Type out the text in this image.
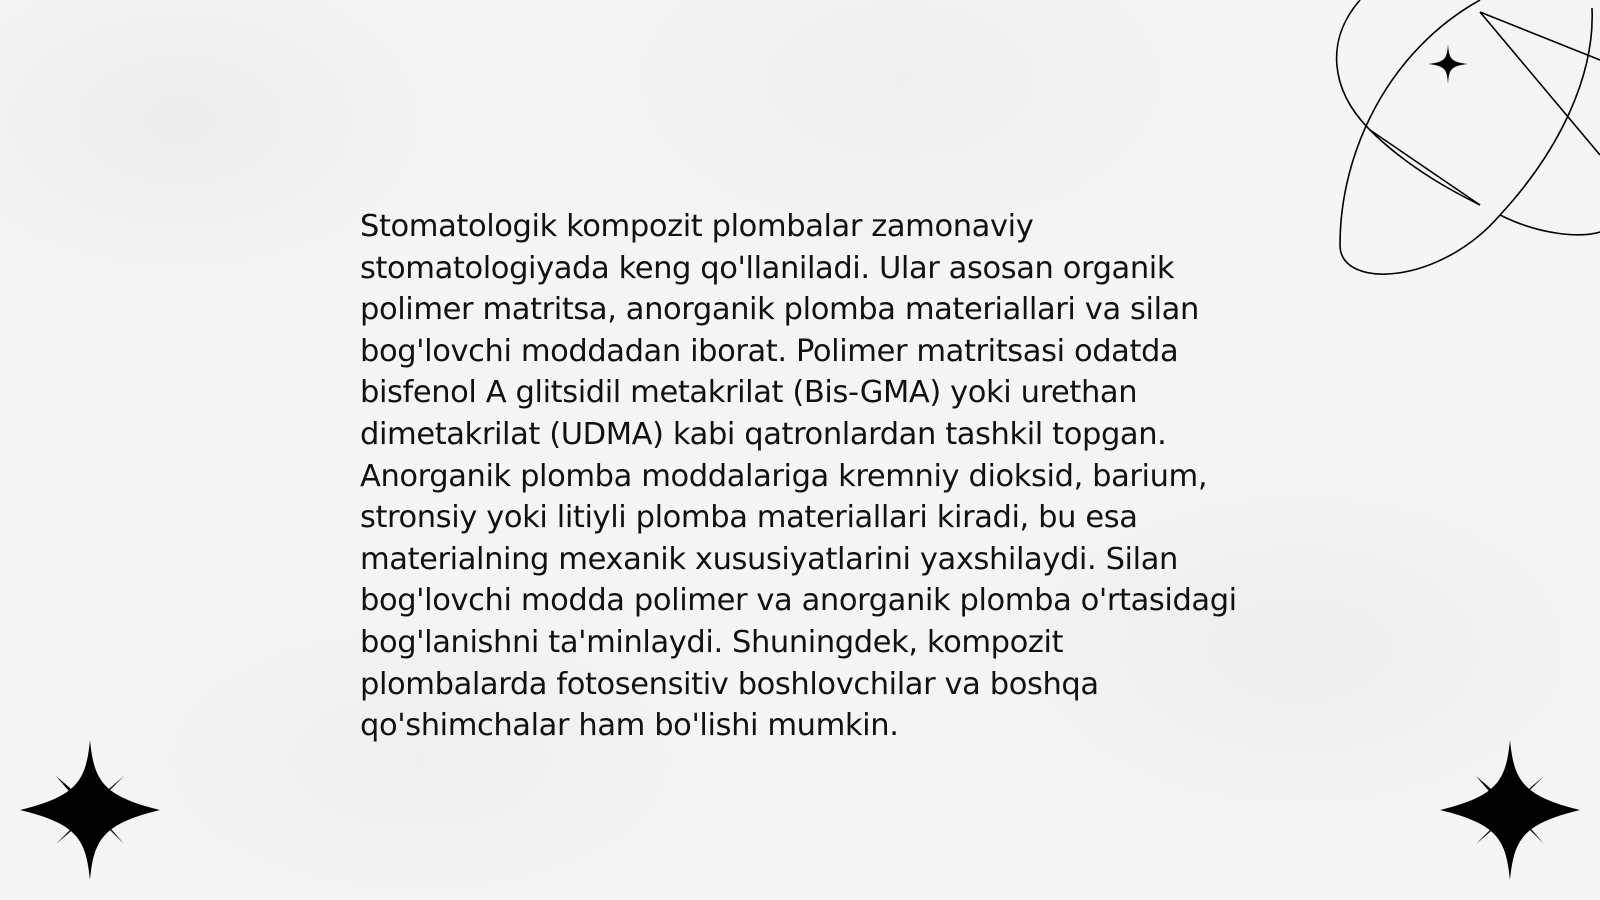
Stomatologik kompozit plombalar zamonaviy stomatologiyada keng qo'llaniladi. Ular asosan organik polimer matritsa, anorganik plomba materiallari va silan bog'lovchi moddadan iborat. Polimer matritsasi odatda bisfenol A glitsidil metakrilat (Bis-GMA) yoki urethan dimetakrilat (UDMA) kabi qatronlardan tashkil topgan. Anorganik plomba moddalariga kremniy dioksid, barium, stronsiy yoki litiyli plomba materiallari kiradi, bu esa materialning mexanik xususiyatlarini yaxshilaydi. Silan bog'lovchi modda polimer va anorganik plomba o'rtasidagi bog'lanishni ta'minlaydi. Shuningdek, kompozit plombalarda fotosensitiv boshlovchilar va boshqa qo'shimchalar ham bo'lishi mumkin.
